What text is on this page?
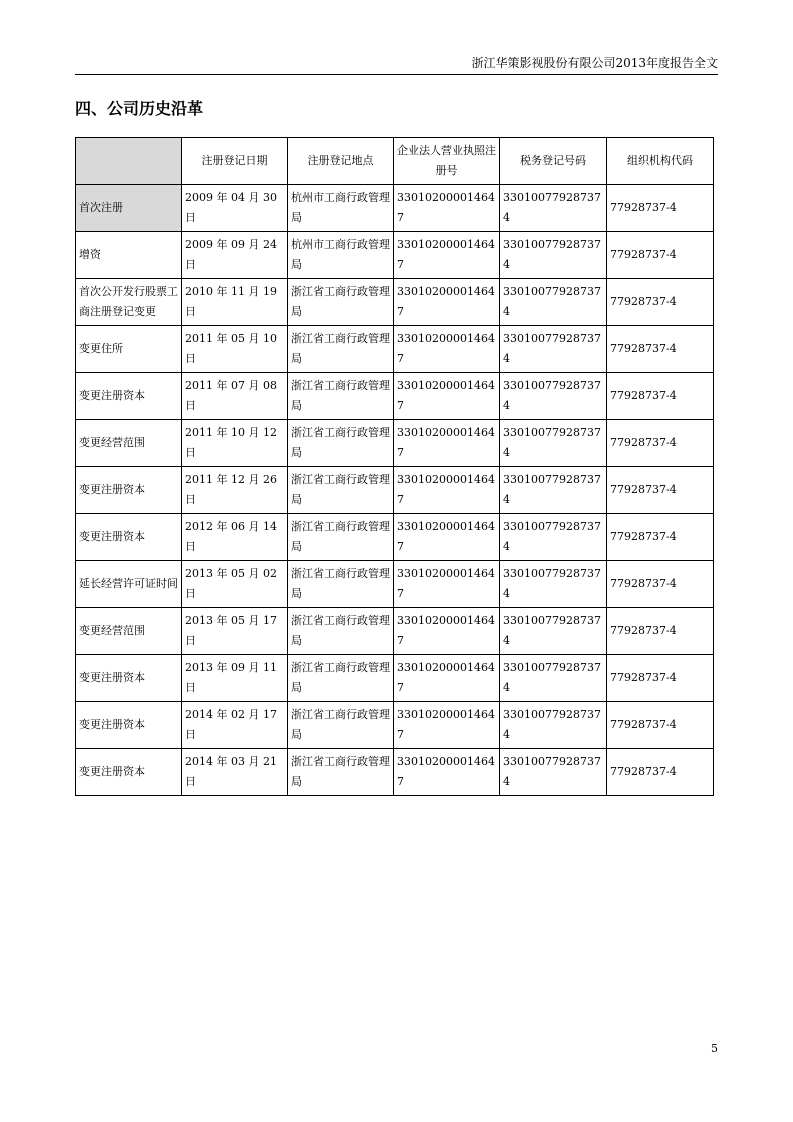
浙江华策影视股份有限公司2013年度报告全文
四、公司历史沿革
	注册登记日期	注册登记地点	企业法人营业执照注册号	税务登记号码	组织机构代码
首次注册	2009 年 04 月 30 日	杭州市工商行政管理局	330102000014647	330100779287374	77928737-4
增资	2009 年 09 月 24 日	杭州市工商行政管理局	330102000014647	330100779287374	77928737-4
首次公开发行股票工商注册登记变更	2010 年 11 月 19 日	浙江省工商行政管理局	330102000014647	330100779287374	77928737-4
变更住所	2011 年 05 月 10 日	浙江省工商行政管理局	330102000014647	330100779287374	77928737-4
变更注册资本	2011 年 07 月 08 日	浙江省工商行政管理局	330102000014647	330100779287374	77928737-4
变更经营范围	2011 年 10 月 12 日	浙江省工商行政管理局	330102000014647	330100779287374	77928737-4
变更注册资本	2011 年 12 月 26 日	浙江省工商行政管理局	330102000014647	330100779287374	77928737-4
变更注册资本	2012 年 06 月 14 日	浙江省工商行政管理局	330102000014647	330100779287374	77928737-4
延长经营许可证时间	2013 年 05 月 02 日	浙江省工商行政管理局	330102000014647	330100779287374	77928737-4
变更经营范围	2013 年 05 月 17 日	浙江省工商行政管理局	330102000014647	330100779287374	77928737-4
变更注册资本	2013 年 09 月 11 日	浙江省工商行政管理局	330102000014647	330100779287374	77928737-4
变更注册资本	2014 年 02 月 17 日	浙江省工商行政管理局	330102000014647	330100779287374	77928737-4
变更注册资本	2014 年 03 月 21 日	浙江省工商行政管理局	330102000014647	330100779287374	77928737-4
5
